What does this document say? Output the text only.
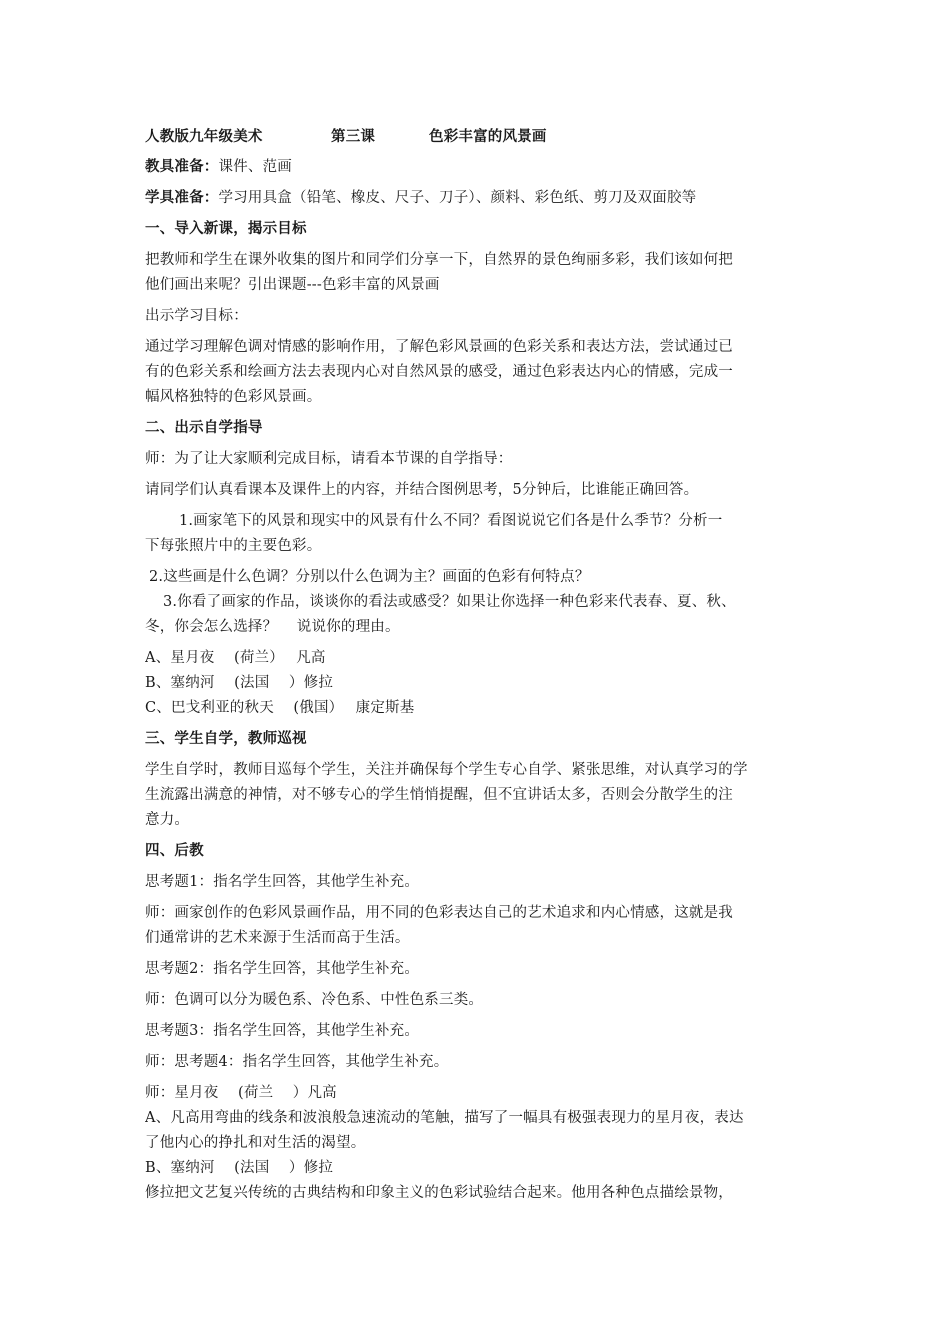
人教版九年级美术	第三课	色彩丰富的风景画
教具准备：课件、范画
学具准备：学习用具盒（铅笔、橡皮、尺子、刀子）、颜料、彩色纸、剪刀及双面胶等
一、导入新课，揭示目标
把教师和学生在课外收集的图片和同学们分享一下，自然界的景色绚丽多彩，我们该如何把
他们画出来呢？引出课题---色彩丰富的风景画
出示学习目标：
通过学习理解色调对情感的影响作用，了解色彩风景画的色彩关系和表达方法，尝试通过已
有的色彩关系和绘画方法去表现内心对自然风景的感受，通过色彩表达内心的情感，完成一
幅风格独特的色彩风景画。
二、出示自学指导
师：为了让大家顺利完成目标，请看本节课的自学指导：
请同学们认真看课本及课件上的内容，并结合图例思考，5分钟后，比谁能正确回答。
1.画家笔下的风景和现实中的风景有什么不同？看图说说它们各是什么季节？分析一
下每张照片中的主要色彩。
2.这些画是什么色调？分别以什么色调为主？画面的色彩有何特点？
3.你看了画家的作品，谈谈你的看法或感受？如果让你选择一种色彩来代表春、夏、秋、
冬，你会怎么选择？　 说说你的理由。
A、星月夜　 (荷兰）　 凡高
B、塞纳河　 (法国　 ）修拉
C、巴戈利亚的秋天　 (俄国）　 康定斯基
三、学生自学，教师巡视
学生自学时，教师目巡每个学生，关注并确保每个学生专心自学、紧张思维，对认真学习的学
生流露出满意的神情，对不够专心的学生悄悄提醒，但不宜讲话太多，否则会分散学生的注
意力。
四、后教
思考题1：指名学生回答，其他学生补充。
师：画家创作的色彩风景画作品，用不同的色彩表达自己的艺术追求和内心情感，这就是我
们通常讲的艺术来源于生活而高于生活。
思考题2：指名学生回答，其他学生补充。
师：色调可以分为暖色系、冷色系、中性色系三类。
思考题3：指名学生回答，其他学生补充。
师：思考题4：指名学生回答，其他学生补充。
师：星月夜　 (荷兰　 ）凡高
A、凡高用弯曲的线条和波浪般急速流动的笔触，描写了一幅具有极强表现力的星月夜，表达
了他内心的挣扎和对生活的渴望。
B、塞纳河　 (法国　 ）修拉
修拉把文艺复兴传统的古典结构和印象主义的色彩试验结合起来。他用各种色点描绘景物，
